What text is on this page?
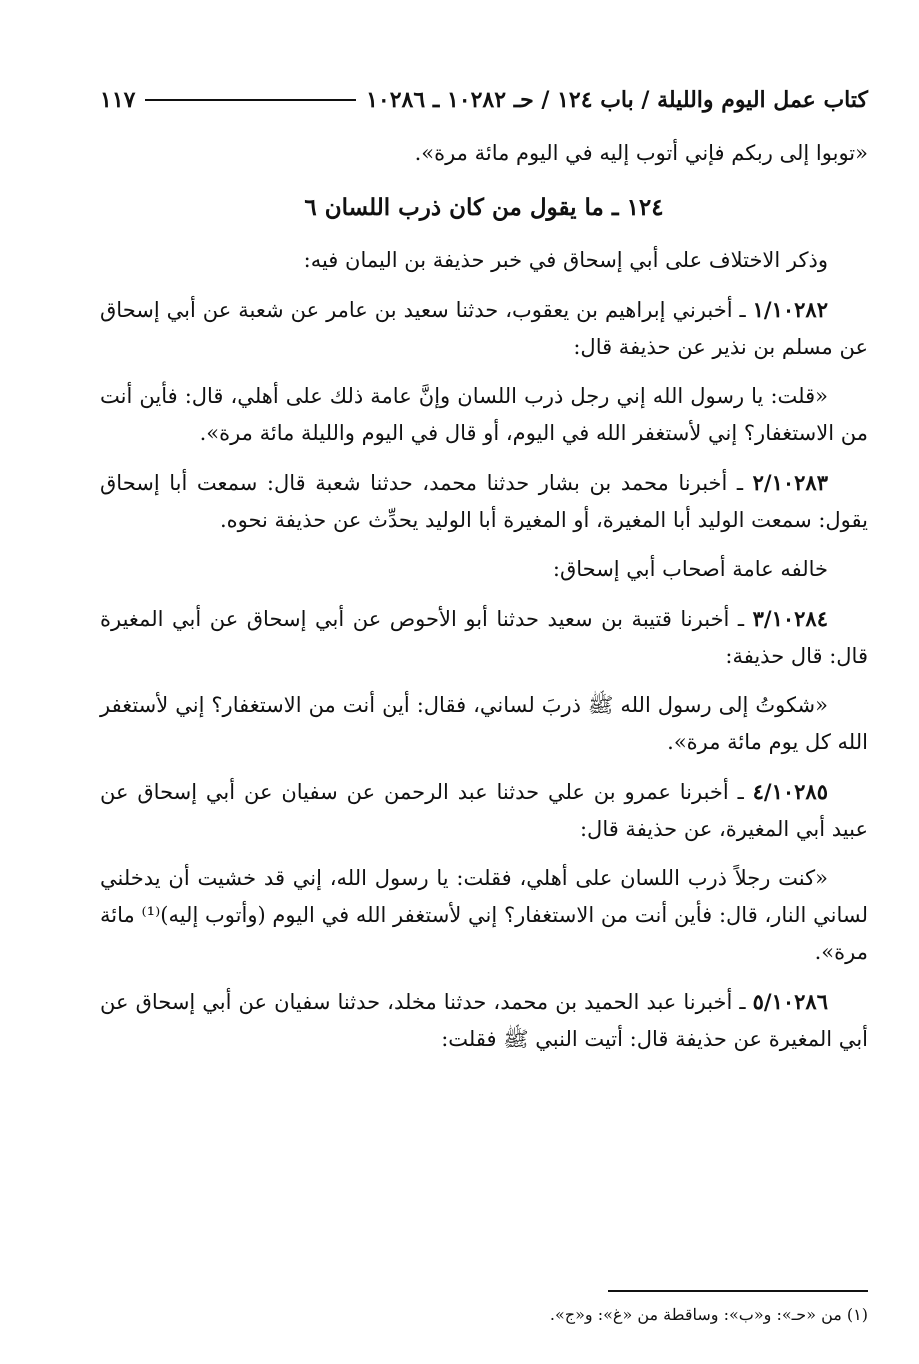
كتاب عمل اليوم والليلة / باب ١٢٤ / حـ ١٠٢٨٢ ـ ١٠٢٨٦
١١٧

«توبوا إلى ربكم فإني أتوب إليه في اليوم مائة مرة».

١٢٤ ـ ما يقول من كان ذرب اللسان ٦

وذكر الاختلاف على أبي إسحاق في خبر حذيفة بن اليمان فيه:

١/١٠٢٨٢ ـ أخبرني إبراهيم بن يعقوب، حدثنا سعيد بن عامر عن شعبة عن أبي إسحاق عن مسلم بن نذير عن حذيفة قال:

«قلت: يا رسول الله إني رجل ذرب اللسان وإنَّ عامة ذلك على أهلي، قال: فأين أنت من الاستغفار؟ إني لأستغفر الله في اليوم، أو قال في اليوم والليلة مائة مرة».

٢/١٠٢٨٣ ـ أخبرنا محمد بن بشار حدثنا محمد، حدثنا شعبة قال: سمعت أبا إسحاق يقول: سمعت الوليد أبا المغيرة، أو المغيرة أبا الوليد يحدِّث عن حذيفة نحوه.

خالفه عامة أصحاب أبي إسحاق:

٣/١٠٢٨٤ ـ أخبرنا قتيبة بن سعيد حدثنا أبو الأحوص عن أبي إسحاق عن أبي المغيرة قال: قال حذيفة:

«شكوتُ إلى رسول الله ﷺ ذربَ لساني، فقال: أين أنت من الاستغفار؟ إني لأستغفر الله كل يوم مائة مرة».

٤/١٠٢٨٥ ـ أخبرنا عمرو بن علي حدثنا عبد الرحمن عن سفيان عن أبي إسحاق عن عبيد أبي المغيرة، عن حذيفة قال:

«كنت رجلاً ذرب اللسان على أهلي، فقلت: يا رسول الله، إني قد خشيت أن يدخلني لساني النار، قال: فأين أنت من الاستغفار؟ إني لأستغفر الله في اليوم (وأتوب إليه)⁽¹⁾ مائة مرة».

٥/١٠٢٨٦ ـ أخبرنا عبد الحميد بن محمد، حدثنا مخلد، حدثنا سفيان عن أبي إسحاق عن أبي المغيرة عن حذيفة قال: أتيت النبي ﷺ فقلت:

(١) من «حـ»: و«ب»: وساقطة من «غ»: و«ج».
